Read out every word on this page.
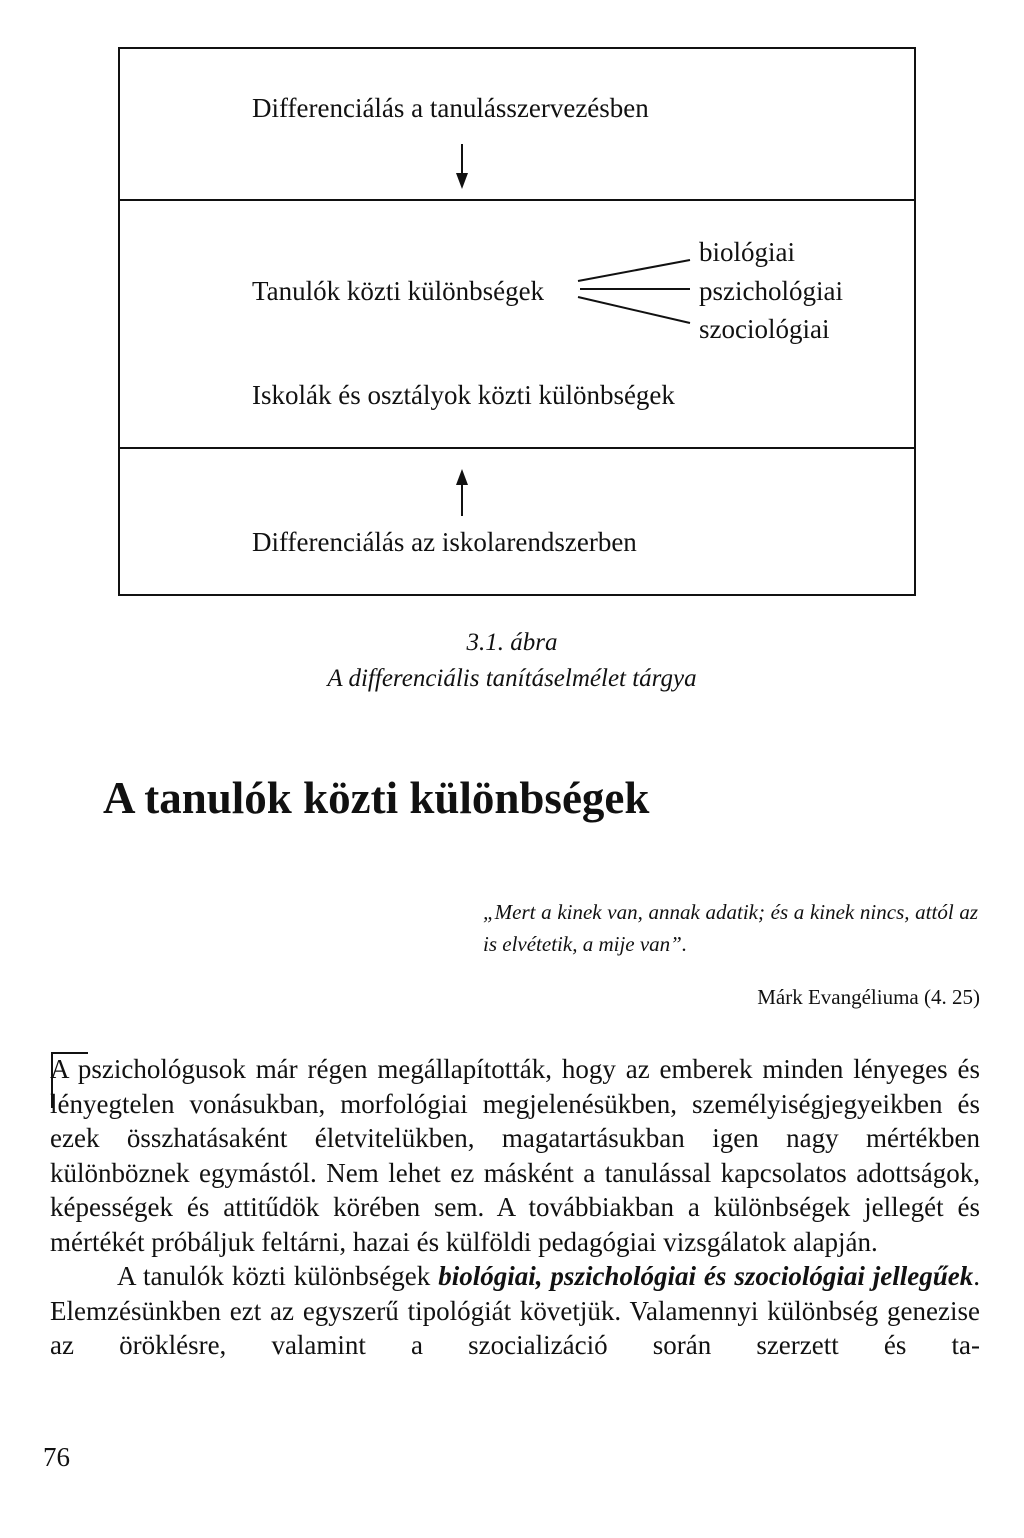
Differenciálás a tanulásszervezésben
Tanulók közti különbségek
biológiai
pszichológiai
szociológiai
Iskolák és osztályok közti különbségek
Differenciálás az iskolarendszerben
3.1. ábra
A differenciális tanításelmélet tárgya
A tanulók közti különbségek
„Mert a kinek van, annak adatik; és a kinek nincs, attól az is elvétetik, a mije van”.
Márk Evangéliuma (4. 25)

A pszichológusok már régen megállapították, hogy az emberek minden lényeges és lényegtelen vonásukban, morfológiai megjelenésükben, személyiségjegyeikben és ezek összhatásaként életvitelükben, magatartásukban igen nagy mértékben különböznek egymástól. Nem lehet ez másként a tanulással kapcsolatos adottságok, képességek és attitűdök körében sem. A továbbiakban a különbségek jellegét és mértékét próbáljuk feltárni, hazai és külföldi pedagógiai vizsgálatok alapján.

A tanulók közti különbségek biológiai, pszichológiai és szociológiai jellegűek. Elemzésünkben ezt az egyszerű tipológiát követjük. Valamennyi különbség genezise az öröklésre, valamint a szocializáció során szerzett és ta-

76
